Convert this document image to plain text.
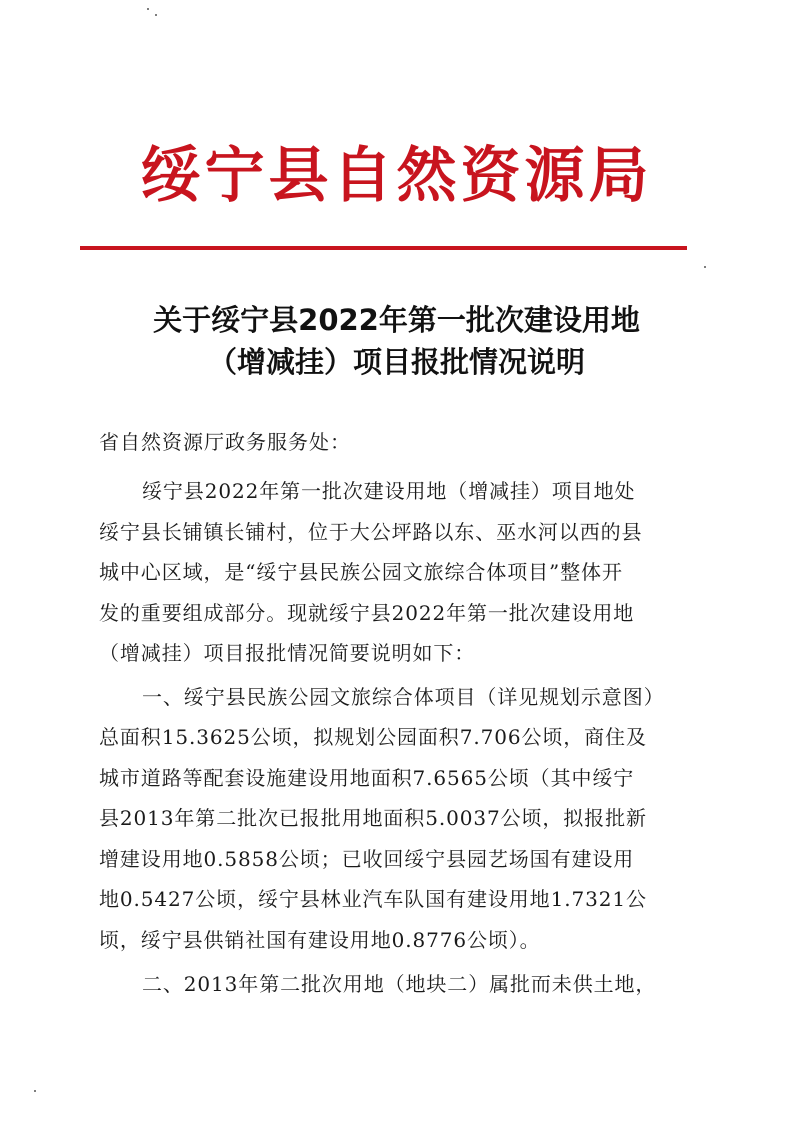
绥宁县自然资源局
关于绥宁县2022年第一批次建设用地
（增减挂）项目报批情况说明
省自然资源厅政务服务处：
绥宁县2022年第一批次建设用地（增减挂）项目地处
绥宁县长铺镇长铺村，位于大公坪路以东、巫水河以西的县
城中心区域，是“绥宁县民族公园文旅综合体项目”整体开
发的重要组成部分。现就绥宁县2022年第一批次建设用地
（增减挂）项目报批情况简要说明如下：
一、绥宁县民族公园文旅综合体项目（详见规划示意图）
总面积15.3625公顷，拟规划公园面积7.706公顷，商住及
城市道路等配套设施建设用地面积7.6565公顷（其中绥宁
县2013年第二批次已报批用地面积5.0037公顷，拟报批新
增建设用地0.5858公顷；已收回绥宁县园艺场国有建设用
地0.5427公顷，绥宁县林业汽车队国有建设用地1.7321公
顷，绥宁县供销社国有建设用地0.8776公顷）。
二、2013年第二批次用地（地块二）属批而未供土地，
